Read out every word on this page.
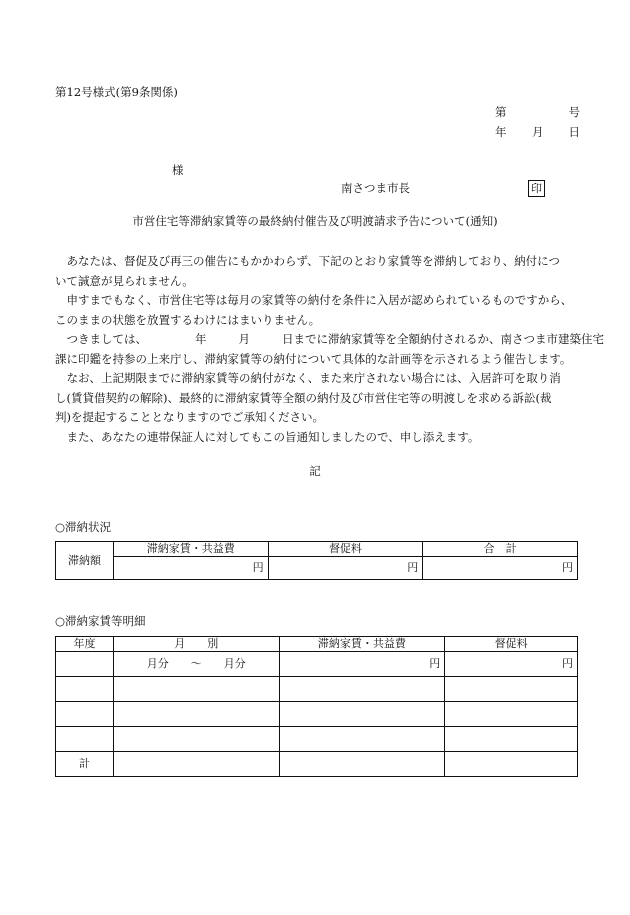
第12号様式(第9条関係)
第	号
年 月 日
様
南さつま市長	印
市営住宅等滞納家賃等の最終納付催告及び明渡請求予告について(通知)

　あなたは、督促及び再三の催告にもかかわらず、下記のとおり家賃等を滞納しており、納付につ

いて誠意が見られません。

　申すまでもなく、市営住宅等は毎月の家賃等の納付を条件に入居が認められているものですから、

このままの状態を放置するわけにはまいりません。

　つきましては、	年	月	日までに滞納家賃等を全額納付されるか、南さつま市建築住宅

課に印鑑を持参の上来庁し、滞納家賃等の納付について具体的な計画等を示されるよう催告します。

　なお、上記期限までに滞納家賃等の納付がなく、また来庁されない場合には、入居許可を取り消

し(賃貸借契約の解除)、最終的に滞納家賃等全額の納付及び市営住宅等の明渡しを求める訴訟(裁

判)を提起することとなりますのでご承知ください。

　また、あなたの連帯保証人に対してもこの旨通知しましたので、申し添えます。

記
○滞納状況
滞納額	滞納家賃・共益費	督促料	合　計
	円	円	円
○滞納家賃等明細
年度	月　　別	滞納家賃・共益費	督促料
	月分 〜 月分	円	円

計			
